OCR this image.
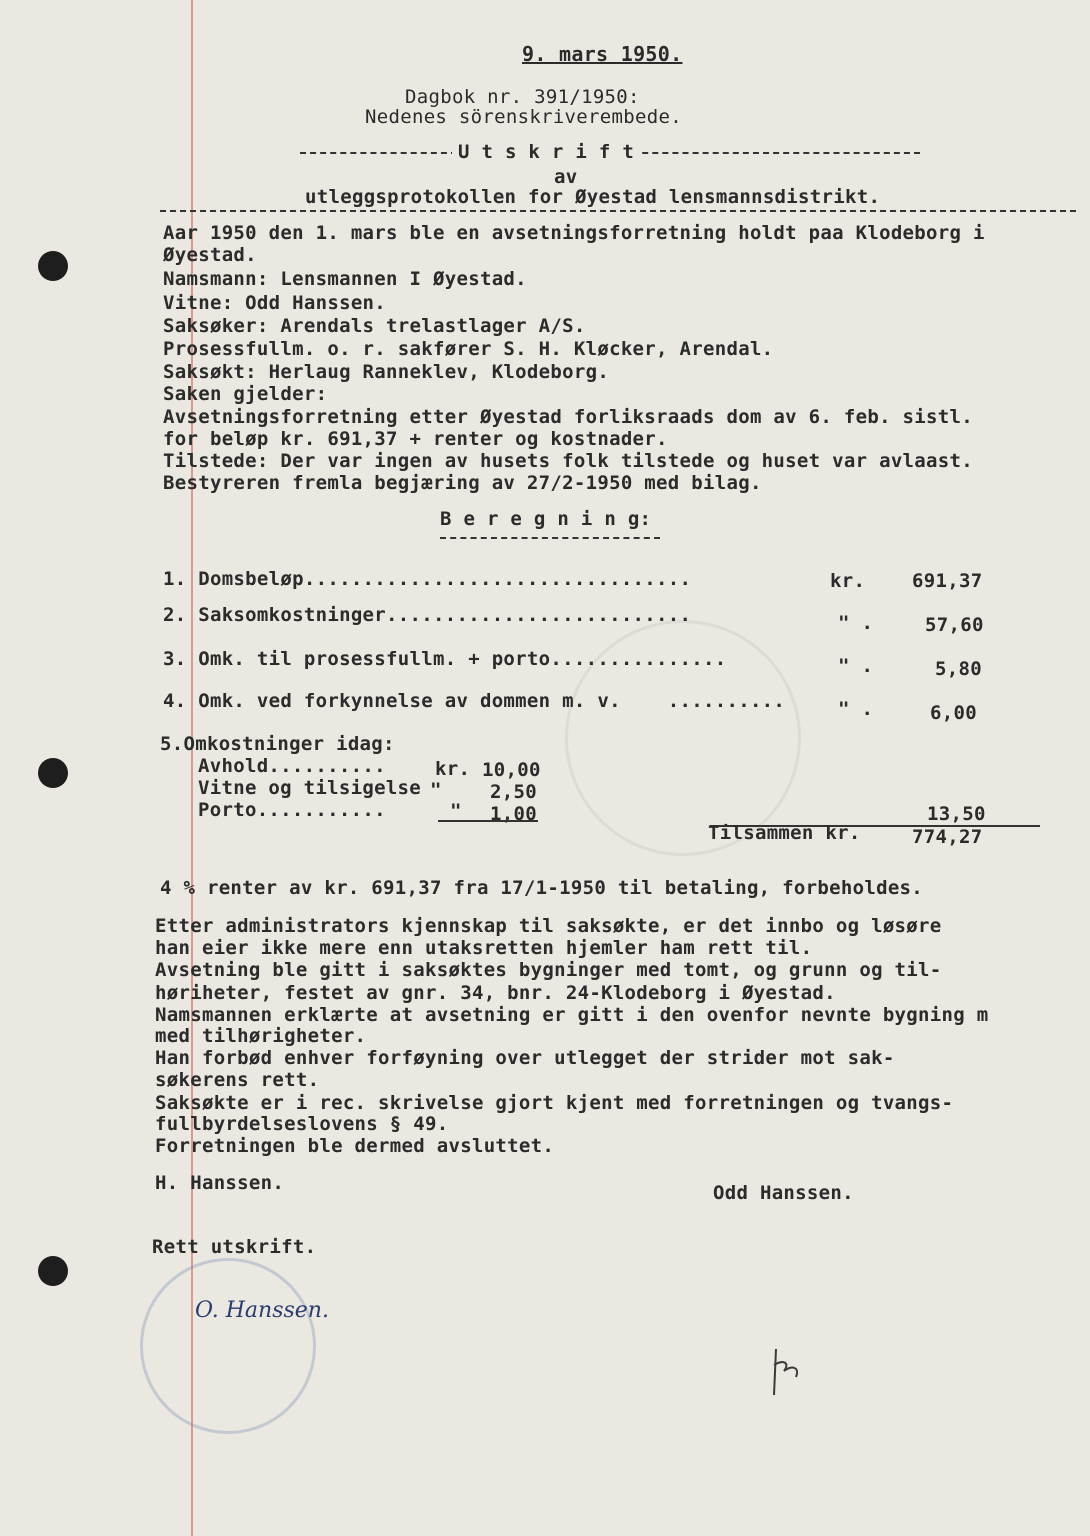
9. mars 1950.
Dagbok nr. 391/1950:
Nedenes sörenskriverembede.
U t s k r i f t
av
utleggsprotokollen for Øyestad lensmannsdistrikt.
Aar 1950 den 1. mars ble en avsetningsforretning holdt paa Klodeborg i
Øyestad.
Namsmann: Lensmannen I Øyestad.
Vitne: Odd Hanssen.
Saksøker: Arendals trelastlager A/S.
Prosessfullm. o. r. sakfører S. H. Kløcker, Arendal.
Saksøkt: Herlaug Ranneklev, Klodeborg.
Saken gjelder:
Avsetningsforretning etter Øyestad forliksraads dom av 6. feb. sistl.
for beløp kr. 691,37 + renter og kostnader.
Tilstede: Der var ingen av husets folk tilstede og huset var avlaast.
Bestyreren fremla begjæring av 27/2-1950 med bilag.
B e r e g n i n g:
1. Domsbeløp.................................	kr. 691,37
2. Saksomkostninger..........................	" .	57,60
3. Omk. til prosessfullm. + porto...............	" .	5,80
4. Omk. ved forkynnelse av dommen m. v.    ..........	" .	6,00
5.Omkostninger idag:
Avhold..........	kr. 10,00
Vitne og tilsigelse "	2,50
Porto...........	" 1,00	13,50
Tilsammen kr.	774,27
4 % renter av kr. 691,37 fra 17/1-1950 til betaling, forbeholdes.
Etter administrators kjennskap til saksøkte, er det innbo og løsøre
han eier ikke mere enn utaksretten hjemler ham rett til.
Avsetning ble gitt i saksøktes bygninger med tomt, og grunn og til-
høriheter, festet av gnr. 34, bnr. 24-Klodeborg i Øyestad.
Namsmannen erklærte at avsetning er gitt i den ovenfor nevnte bygning m
med tilhørigheter.
Han forbød enhver forføyning over utlegget der strider mot sak-
søkerens rett.
Saksøkte er i rec. skrivelse gjort kjent med forretningen og tvangs-
fullbyrdelseslovens § 49.
Forretningen ble dermed avsluttet.
H. Hanssen.	Odd Hanssen.
Rett utskrift.
O. Hanssen.
